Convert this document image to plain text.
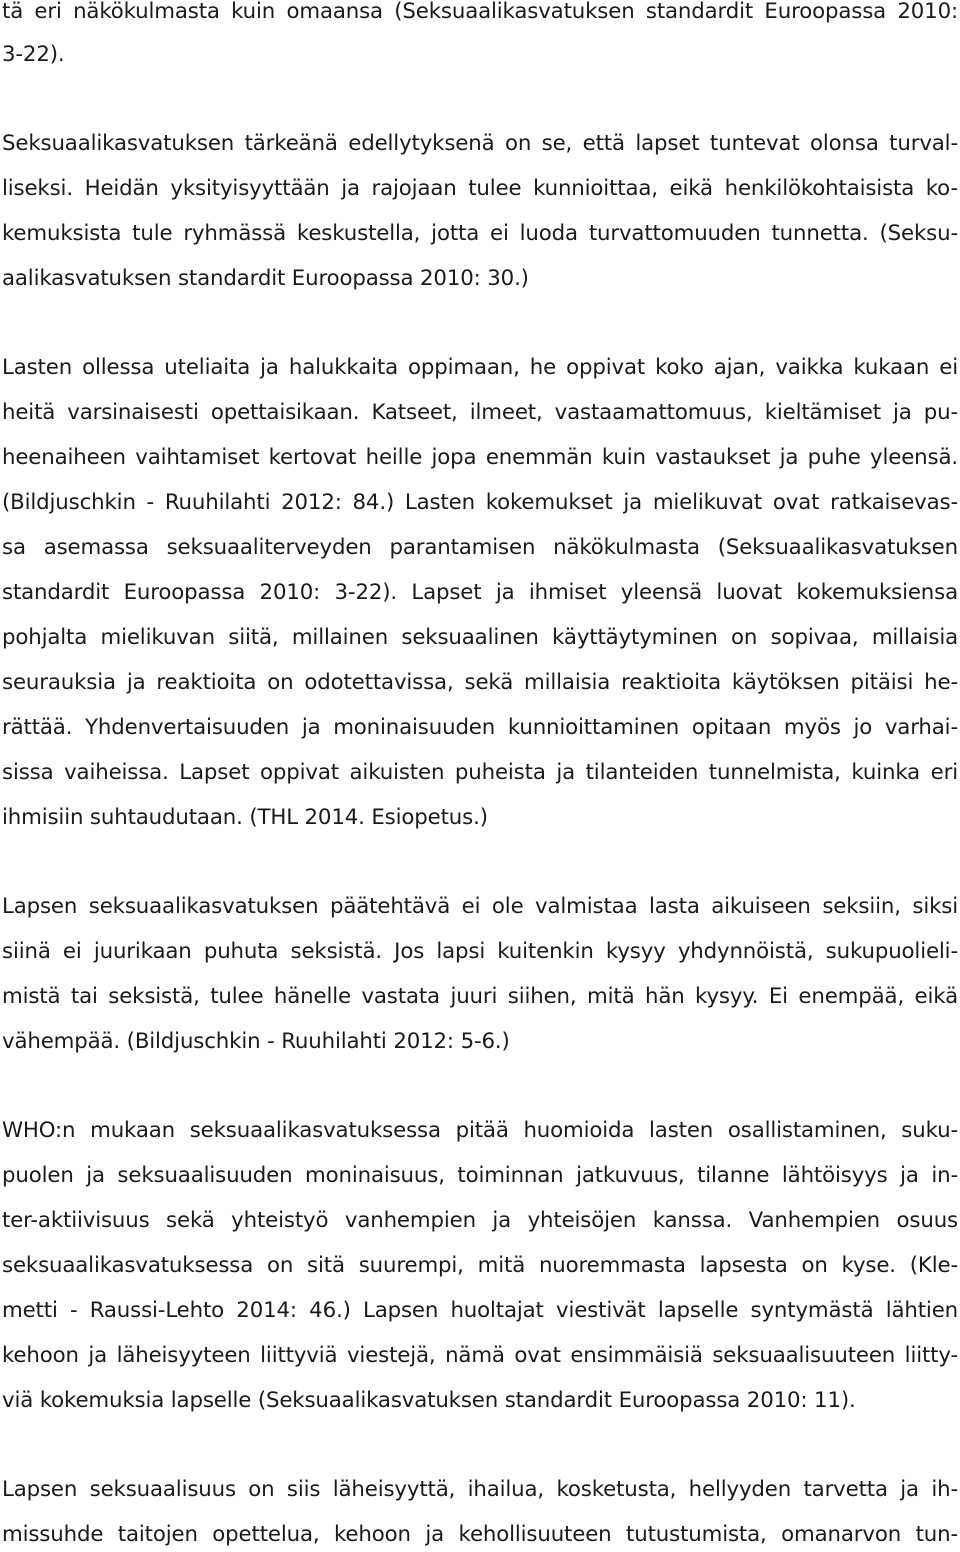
tä eri näkökulmasta kuin omaansa (Seksuaalikasvatuksen standardit Euroopassa 2010:
3-22).
Seksuaalikasvatuksen tärkeänä edellytyksenä on se, että lapset tuntevat olonsa turval-
liseksi. Heidän yksityisyyttään ja rajojaan tulee kunnioittaa, eikä henkilökohtaisista ko-
kemuksista tule ryhmässä keskustella, jotta ei luoda turvattomuuden tunnetta. (Seksu-
aalikasvatuksen standardit Euroopassa 2010: 30.)
Lasten ollessa uteliaita ja halukkaita oppimaan, he oppivat koko ajan, vaikka kukaan ei
heitä varsinaisesti opettaisikaan. Katseet, ilmeet, vastaamattomuus, kieltämiset ja pu-
heenaiheen vaihtamiset kertovat heille jopa enemmän kuin vastaukset ja puhe yleensä.
(Bildjuschkin - Ruuhilahti 2012: 84.) Lasten kokemukset ja mielikuvat ovat ratkaisevas-
sa asemassa seksuaaliterveyden parantamisen näkökulmasta (Seksuaalikasvatuksen
standardit Euroopassa 2010: 3-22). Lapset ja ihmiset yleensä luovat kokemuksiensa
pohjalta mielikuvan siitä, millainen seksuaalinen käyttäytyminen on sopivaa, millaisia
seurauksia ja reaktioita on odotettavissa, sekä millaisia reaktioita käytöksen pitäisi he-
rättää. Yhdenvertaisuuden ja moninaisuuden kunnioittaminen opitaan myös jo varhai-
sissa vaiheissa. Lapset oppivat aikuisten puheista ja tilanteiden tunnelmista, kuinka eri
ihmisiin suhtaudutaan. (THL 2014. Esiopetus.)
Lapsen seksuaalikasvatuksen päätehtävä ei ole valmistaa lasta aikuiseen seksiin, siksi
siinä ei juurikaan puhuta seksistä. Jos lapsi kuitenkin kysyy yhdynnöistä, sukupuolieli-
mistä tai seksistä, tulee hänelle vastata juuri siihen, mitä hän kysyy. Ei enempää, eikä
vähempää. (Bildjuschkin - Ruuhilahti 2012: 5-6.)
WHO:n mukaan seksuaalikasvatuksessa pitää huomioida lasten osallistaminen, suku-
puolen ja seksuaalisuuden moninaisuus, toiminnan jatkuvuus, tilanne lähtöisyys ja in-
ter-aktiivisuus sekä yhteistyö vanhempien ja yhteisöjen kanssa. Vanhempien osuus
seksuaalikasvatuksessa on sitä suurempi, mitä nuoremmasta lapsesta on kyse. (Kle-
metti - Raussi-Lehto 2014: 46.) Lapsen huoltajat viestivät lapselle syntymästä lähtien
kehoon ja läheisyyteen liittyviä viestejä, nämä ovat ensimmäisiä seksuaalisuuteen liitty-
viä kokemuksia lapselle (Seksuaalikasvatuksen standardit Euroopassa 2010: 11).
Lapsen seksuaalisuus on siis läheisyyttä, ihailua, kosketusta, hellyyden tarvetta ja ih-
missuhde taitojen opettelua, kehoon ja kehollisuuteen tutustumista, omanarvon tun-
